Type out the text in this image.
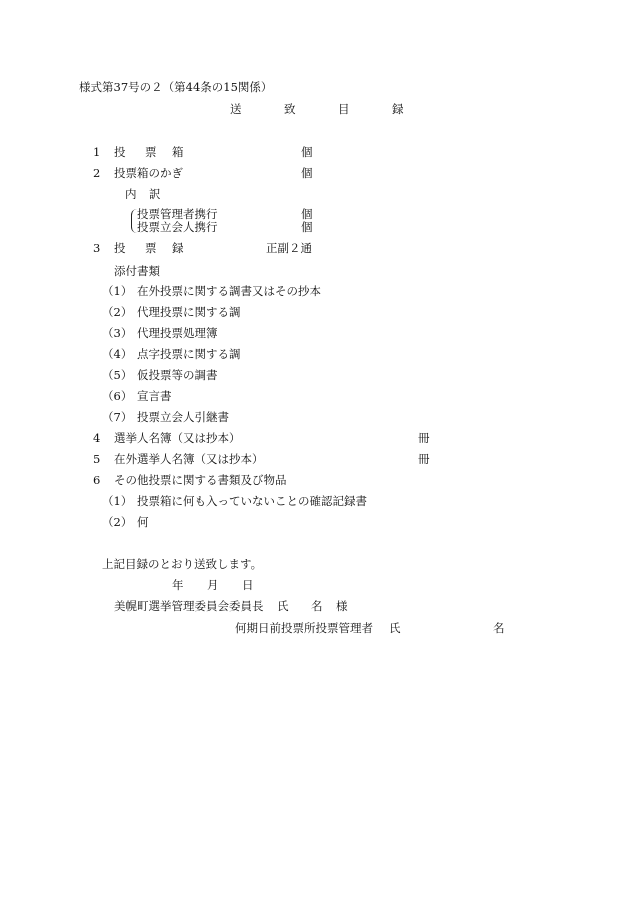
様式第37号の２（第44条の15関係）
送	致	目	録
1 投 票 箱	個
2 投票箱のかぎ	個
内 訳
投票管理者携行	個
投票立会人携行	個
3 投 票 録	正副２通
添付書類
（1） 在外投票に関する調書又はその抄本
（2） 代理投票に関する調
（3） 代理投票処理簿
（4） 点字投票に関する調
（5） 仮投票等の調書
（6） 宣言書
（7） 投票立会人引継書
4 選挙人名簿（又は抄本）	冊
5 在外選挙人名簿（又は抄本）	冊
6 その他投票に関する書類及び物品
（1） 投票箱に何も入っていないことの確認記録書
（2） 何
上記目録のとおり送致します。
年 月 日
美幌町選挙管理委員会委員長 氏 名 様
何期日前投票所投票管理者 氏	名
